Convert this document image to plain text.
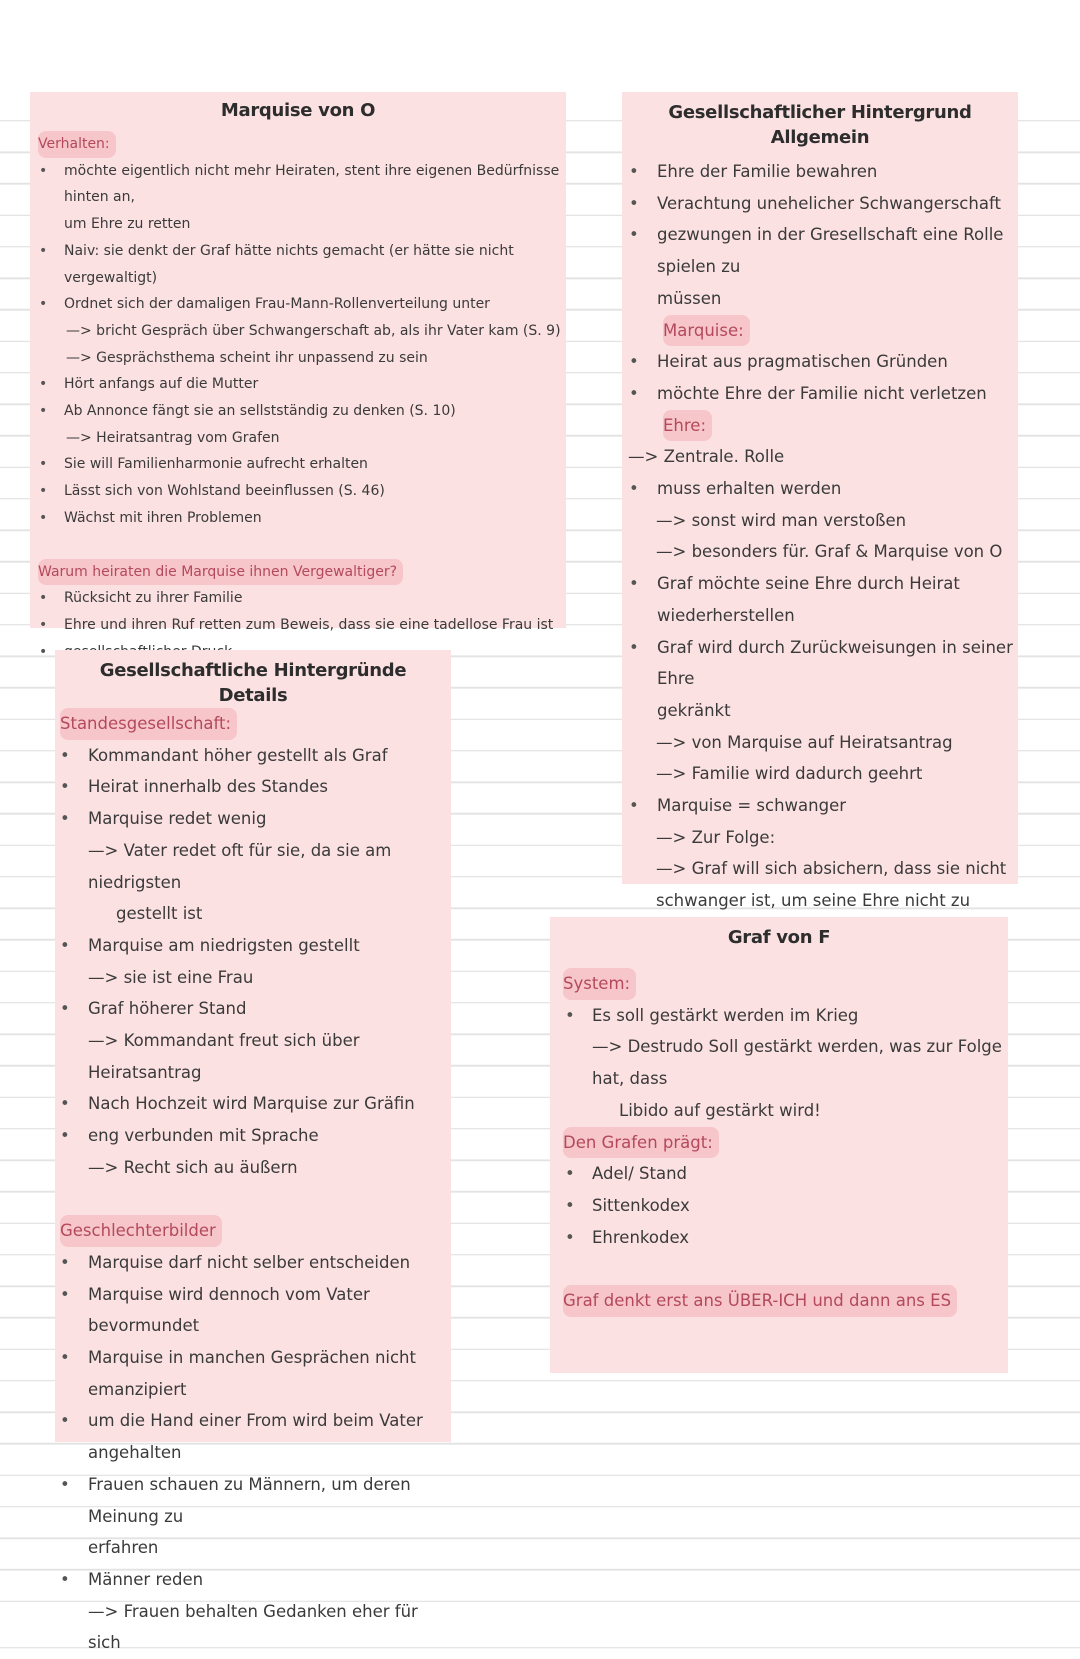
Marquise von O
Verhalten:
• möchte eigentlich nicht mehr Heiraten, stent ihre eigenen Bedürfnisse hinten an,
um Ehre zu retten
• Naiv: sie denkt der Graf hätte nichts gemacht (er hätte sie nicht vergewaltigt)
• Ordnet sich der damaligen Frau-Mann-Rollenverteilung unter
—> bricht Gespräch über Schwangerschaft ab, als ihr Vater kam (S. 9)
—> Gesprächsthema scheint ihr unpassend zu sein
• Hört anfangs auf die Mutter
• Ab Annonce fängt sie an sellstständig zu denken (S. 10)
—> Heiratsantrag vom Grafen
• Sie will Familienharmonie aufrecht erhalten
• Lässt sich von Wohlstand beeinflussen (S. 46)
• Wächst mit ihren Problemen
Warum heiraten die Marquise ihnen Vergewaltiger?
• Rücksicht zu ihrer Familie
• Ehre und ihren Ruf retten zum Beweis, dass sie eine tadellose Frau ist
•
Gesellschaftlicher Hintergrund
Allgemein
• Ehre der Familie bewahren
• Verachtung unehelicher Schwangerschaft
• gezwungen in der Gresellschaft eine Rolle spielen zu
müssen
Marquise:
• Heirat aus pragmatischen Gründen
• möchte Ehre der Familie nicht verletzen
Ehre:
—> Zentrale. Rolle
• muss erhalten werden
—> sonst wird man verstoßen
—> besonders für. Graf & Marquise von O
• Graf möchte seine Ehre durch Heirat wiederherstellen
• Graf wird durch Zurückweisungen in seiner Ehre
gekränkt
—> von Marquise auf Heiratsantrag
—> Familie wird dadurch geehrt
• Marquise = schwanger
—> Zur Folge:
—> Graf will sich absichern, dass sie nicht
schwanger ist, um seine Ehre nicht zu
Gesellschaftliche Hintergründe
Details
Standesgesellschaft:
• Kommandant höher gestellt als Graf
• Heirat innerhalb des Standes
• Marquise redet wenig
—> Vater redet oft für sie, da sie am niedrigsten
gestellt ist
• Marquise am niedrigsten gestellt
—> sie ist eine Frau
• Graf höherer Stand
—> Kommandant freut sich über Heiratsantrag
• Nach Hochzeit wird Marquise zur Gräfin
• eng verbunden mit Sprache
—> Recht sich au äußern
Geschlechterbilder
• Marquise darf nicht selber entscheiden
• Marquise wird dennoch vom Vater bevormundet
• Marquise in manchen Gesprächen nicht emanzipiert
• um die Hand einer From wird beim Vater angehalten
• Frauen schauen zu Männern, um deren Meinung zu
erfahren
• Männer reden
—> Frauen behalten Gedanken eher für sich
Graf von F
System:
• Es soll gestärkt werden im Krieg
—> Destrudo Soll gestärkt werden, was zur Folge hat, dass
Libido auf gestärkt wird!
Den Grafen prägt:
• Adel/ Stand
• Sittenkodex
• Ehrenkodex
Graf denkt erst ans ÜBER-ICH und dann ans ES
